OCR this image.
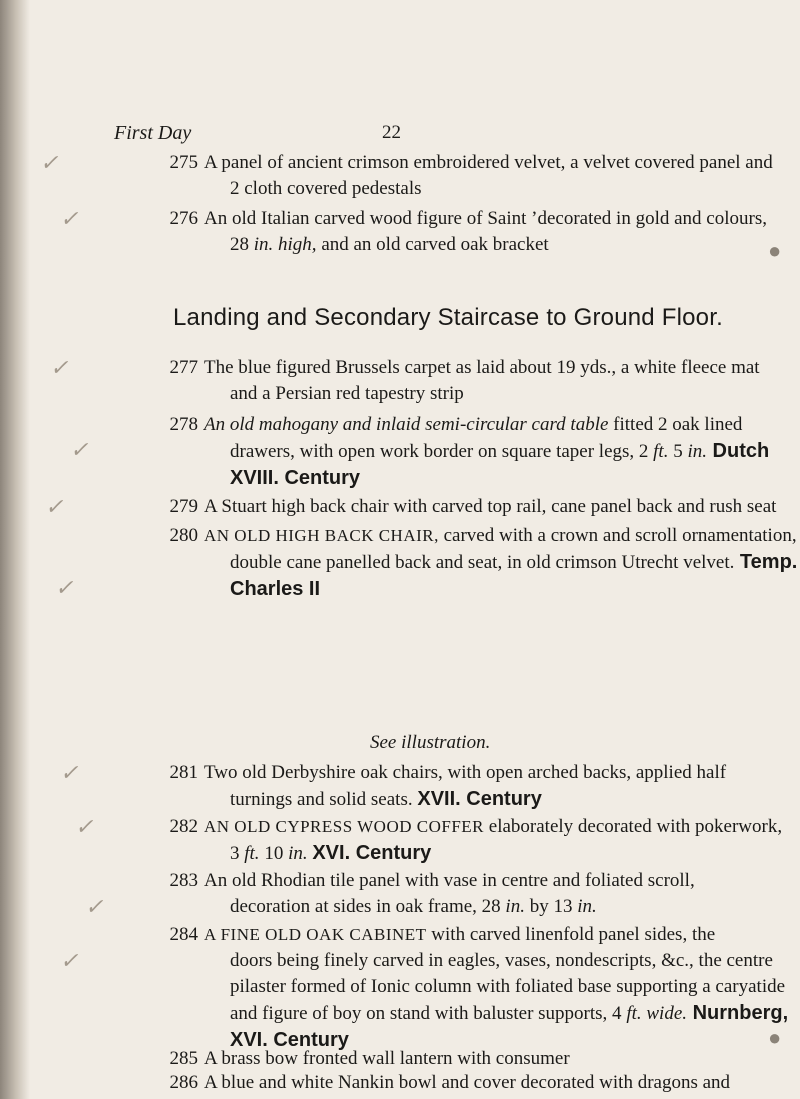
First Day	22
275 A panel of ancient crimson embroidered velvet, a velvet covered panel and
2 cloth covered pedestals
276 An old Italian carved wood figure of Saint ’decorated in gold and colours,
28 in. high, and an old carved oak bracket
Landing and Secondary Staircase to Ground Floor.
277 The blue figured Brussels carpet as laid about 19 yds., a white fleece mat
and a Persian red tapestry strip
278 An old mahogany and inlaid semi-circular card table fitted 2 oak lined
drawers, with open work border on square taper legs, 2 ft. 5 in. Dutch
XVIII. Century
279 A Stuart high back chair with carved top rail, cane panel back and rush seat
280 AN OLD HIGH BACK CHAIR, carved with a crown and scroll ornamentation,
double cane panelled back and seat, in old crimson Utrecht velvet. Temp.
Charles II
See illustration.
281 Two old Derbyshire oak chairs, with open arched backs, applied half
turnings and solid seats. XVII. Century
282 AN OLD CYPRESS WOOD COFFER elaborately decorated with pokerwork,
3 ft. 10 in. XVI. Century
283 An old Rhodian tile panel with vase in centre and foliated scroll,
decoration at sides in oak frame, 28 in. by 13 in.
284 A FINE OLD OAK CABINET with carved linenfold panel sides, the
doors being finely carved in eagles, vases, nondescripts, &c., the centre
pilaster formed of Ionic column with foliated base supporting a caryatide
and figure of boy on stand with baluster supports, 4 ft. wide. Nurnberg,
XVI. Century
285 A brass bow fronted wall lantern with consumer
✓
✓
✓
✓
✓
✓
✓
✓
✓
✓
●
●
286 A blue and white Nankin bowl and cover decorated with dragons and
